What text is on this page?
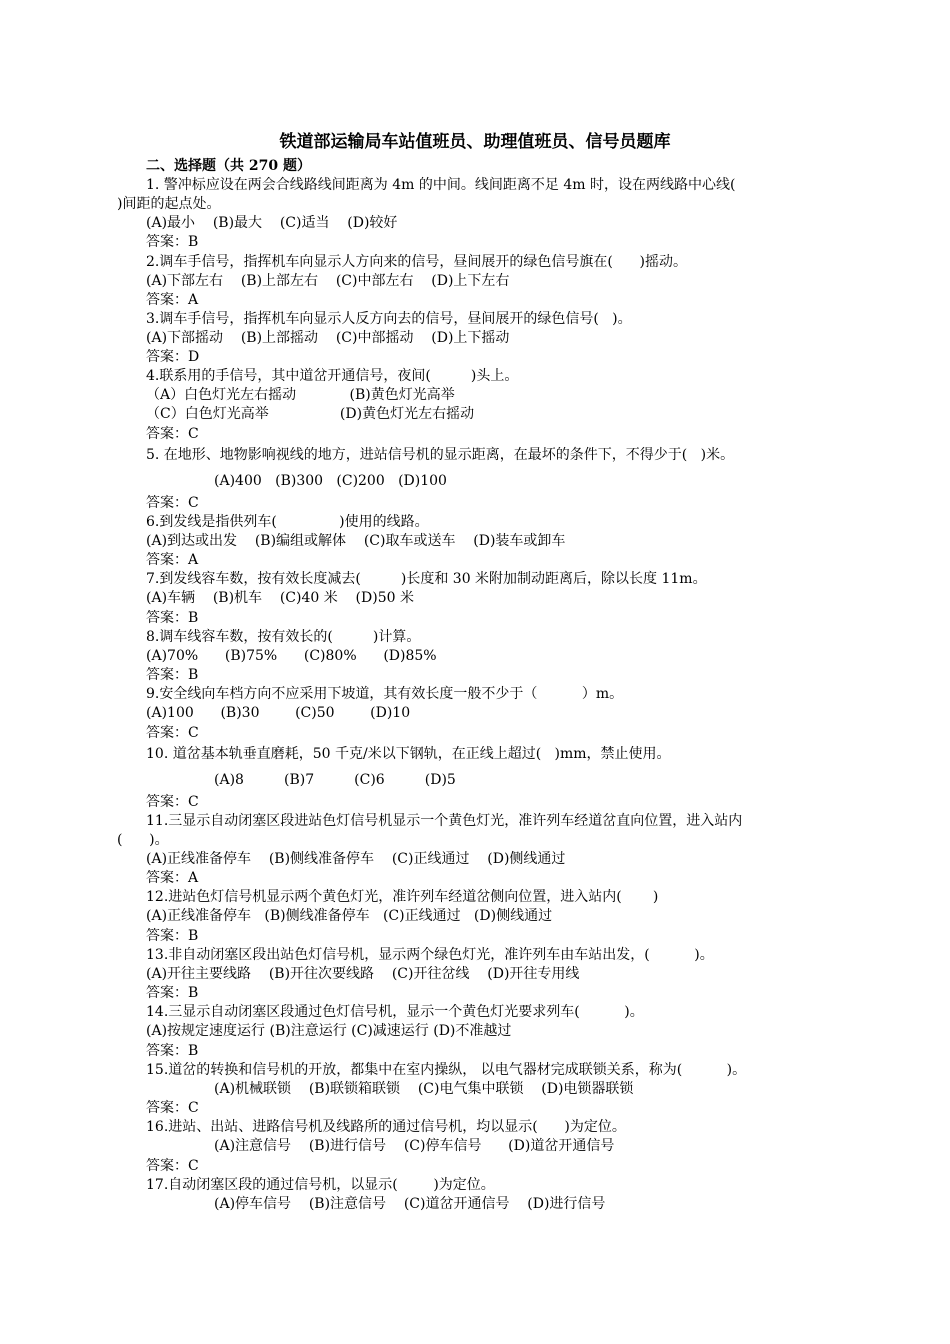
铁道部运输局车站值班员、助理值班员、信号员题库
二、选择题（共 270 题）
1. 警冲标应设在两会合线路线间距离为 4m 的中间。线间距离不足 4m 时，设在两线路中心线(
)间距的起点处。
(A)最小    (B)最大    (C)适当    (D)较好
答案：B
2.调车手信号，指挥机车向显示人方向来的信号，昼间展开的绿色信号旗在(      )摇动。
(A)下部左右    (B)上部左右    (C)中部左右    (D)上下左右
答案：A
3.调车手信号，指挥机车向显示人反方向去的信号，昼间展开的绿色信号(   )。
(A)下部摇动    (B)上部摇动    (C)中部摇动    (D)上下摇动
答案：D
4.联系用的手信号，其中道岔开通信号，夜间(         )头上。
（A）白色灯光左右摇动            (B)黄色灯光高举
（C）白色灯光高举                (D)黄色灯光左右摇动
答案：C
5. 在地形、地物影响视线的地方，进站信号机的显示距离，在最坏的条件下，不得少于(   )米。
(A)400   (B)300   (C)200   (D)100
答案：C
6.到发线是指供列车(              )使用的线路。
(A)到达或出发    (B)编组或解体    (C)取车或送车    (D)装车或卸车
答案：A
7.到发线容车数，按有效长度减去(         )长度和 30 米附加制动距离后，除以长度 11m。
(A)车辆    (B)机车    (C)40 米    (D)50 米
答案：B
8.调车线容车数，按有效长的(         )计算。
(A)70%      (B)75%      (C)80%      (D)85%
答案：B
9.安全线向车档方向不应采用下坡道，其有效长度一般不少于（          ）m。
(A)100      (B)30        (C)50        (D)10
答案：C
10. 道岔基本轨垂直磨耗，50 千克/米以下钢轨，在正线上超过(   )mm，禁止使用。
(A)8         (B)7         (C)6         (D)5
答案：C
11.三显示自动闭塞区段进站色灯信号机显示一个黄色灯光，准许列车经道岔直向位置，进入站内
(      )。
(A)正线准备停车    (B)侧线准备停车    (C)正线通过    (D)侧线通过
答案：A
12.进站色灯信号机显示两个黄色灯光，准许列车经道岔侧向位置，进入站内(       )
(A)正线准备停车   (B)侧线准备停车   (C)正线通过   (D)侧线通过
答案：B
13.非自动闭塞区段出站色灯信号机，显示两个绿色灯光，准许列车由车站出发，(          )。
(A)开往主要线路    (B)开往次要线路    (C)开往岔线    (D)开往专用线
答案：B
14.三显示自动闭塞区段通过色灯信号机，显示一个黄色灯光要求列车(          )。
(A)按规定速度运行 (B)注意运行 (C)减速运行 (D)不准越过
答案：B
15.道岔的转换和信号机的开放，都集中在室内操纵， 以电气器材完成联锁关系，称为(          )。
(A)机械联锁    (B)联锁箱联锁    (C)电气集中联锁    (D)电锁器联锁
答案：C
16.进站、出站、进路信号机及线路所的通过信号机，均以显示(      )为定位。
(A)注意信号    (B)进行信号    (C)停车信号      (D)道岔开通信号
答案：C
17.自动闭塞区段的通过信号机，以显示(        )为定位。
(A)停车信号    (B)注意信号    (C)道岔开通信号    (D)进行信号
